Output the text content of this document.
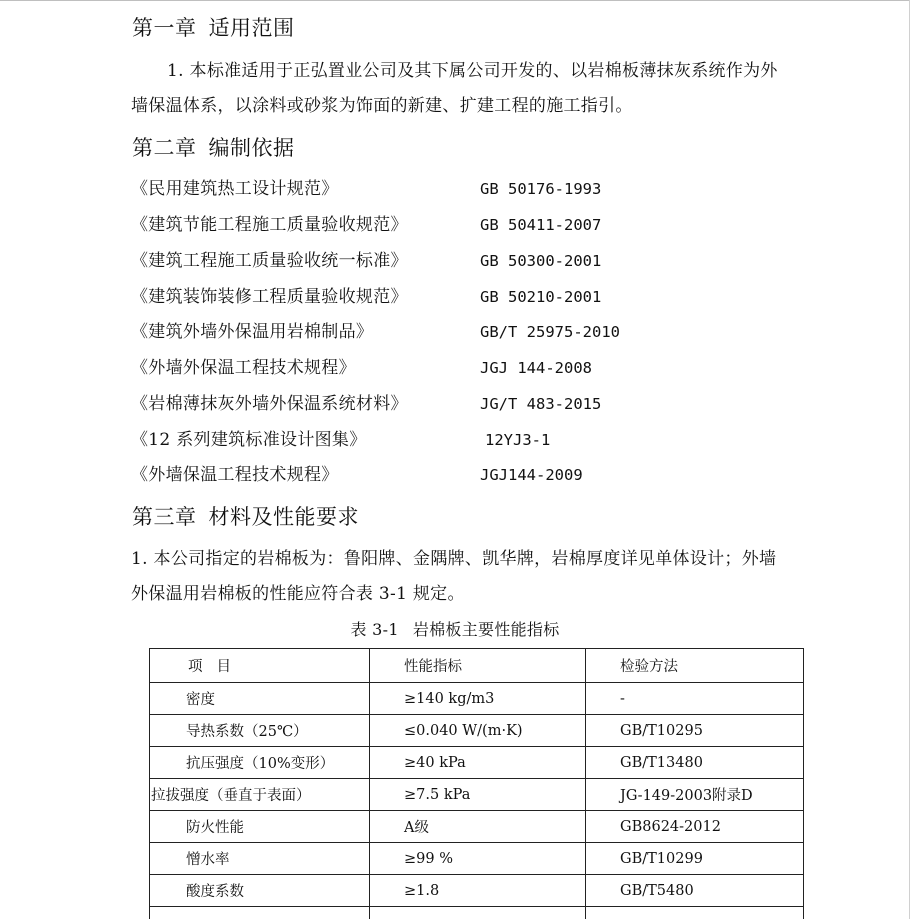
第一章 适用范围
1. 本标准适用于正弘置业公司及其下属公司开发的、以岩棉板薄抹灰系统作为外
墙保温体系，以涂料或砂浆为饰面的新建、扩建工程的施工指引。
第二章 编制依据
《民用建筑热工设计规范》	GB 50176-1993
《建筑节能工程施工质量验收规范》	GB 50411-2007
《建筑工程施工质量验收统一标准》	GB 50300-2001
《建筑装饰装修工程质量验收规范》	GB 50210-2001
《建筑外墙外保温用岩棉制品》	GB/T 25975-2010
《外墙外保温工程技术规程》	JGJ 144-2008
《岩棉薄抹灰外墙外保温系统材料》	JG/T 483-2015
《12 系列建筑标准设计图集》	12YJ3-1
《外墙保温工程技术规程》	JGJ144-2009
第三章 材料及性能要求
1. 本公司指定的岩棉板为：鲁阳牌、金隅牌、凯华牌，岩棉厚度详见单体设计；外墙
外保温用岩棉板的性能应符合表 3-1 规定。
表 3-1 岩棉板主要性能指标
项目	性能指标	检验方法
密度	≥140 kg/m3	-
导热系数（25℃）	≤0.040 W/(m·K)	GB/T10295
抗压强度（10%变形）	≥40 kPa	GB/T13480
拉拔强度（垂直于表面）	≥7.5 kPa	JG-149-2003附录D
防火性能	A级	GB8624-2012
憎水率	≥99 %	GB/T10299
酸度系数	≥1.8	GB/T5480
